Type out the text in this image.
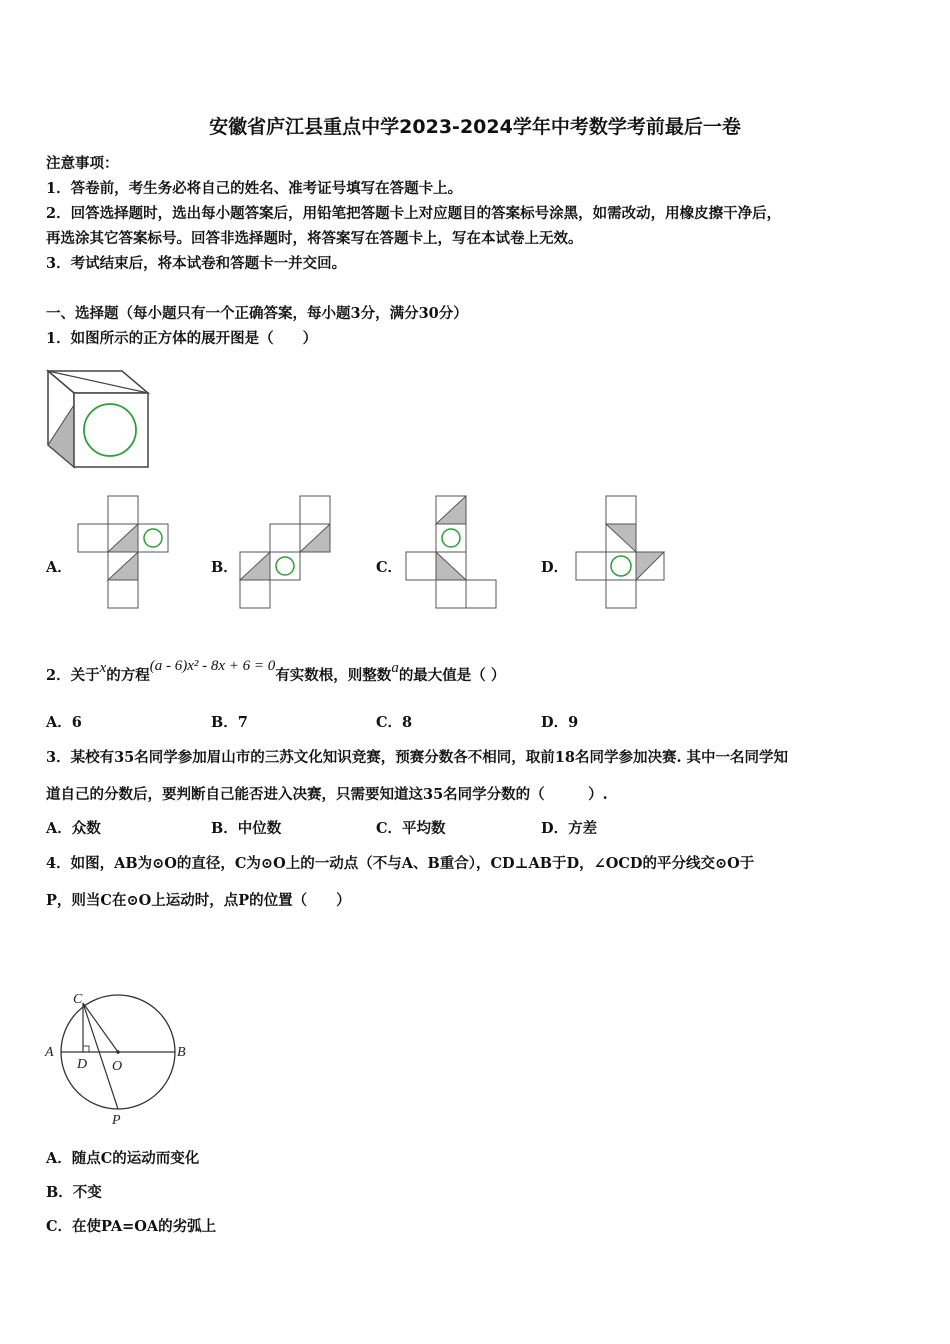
安徽省庐江县重点中学2023-2024学年中考数学考前最后一卷
注意事项：
1．答卷前，考生务必将自己的姓名、准考证号填写在答题卡上。
2．回答选择题时，选出每小题答案后，用铅笔把答题卡上对应题目的答案标号涂黑，如需改动，用橡皮擦干净后，
再选涂其它答案标号。回答非选择题时，将答案写在答题卡上，写在本试卷上无效。
3．考试结束后，将本试卷和答题卡一并交回。
一、选择题（每小题只有一个正确答案，每小题3分，满分30分）
1．如图所示的正方体的展开图是（　　）
A．	B．	C．	D．
2．关于x的方程(a - 6)x² - 8x + 6 = 0有实数根，则整数a的最大值是（ ）
A．6	B．7	C．8	D．9
3．某校有35名同学参加眉山市的三苏文化知识竞赛，预赛分数各不相同，取前18名同学参加决赛. 其中一名同学知
道自己的分数后，要判断自己能否进入决赛，只需要知道这35名同学分数的（　　　）.
A．众数	B．中位数	C．平均数	D．方差
4．如图，AB为⊙O的直径，C为⊙O上的一动点（不与A、B重合），CD⊥AB于D，∠OCD的平分线交⊙O于
P，则当C在⊙O上运动时，点P的位置（　　）
C
A
D O
B
P
A．随点C的运动而变化
B．不变
C．在使PA=OA的劣弧上
